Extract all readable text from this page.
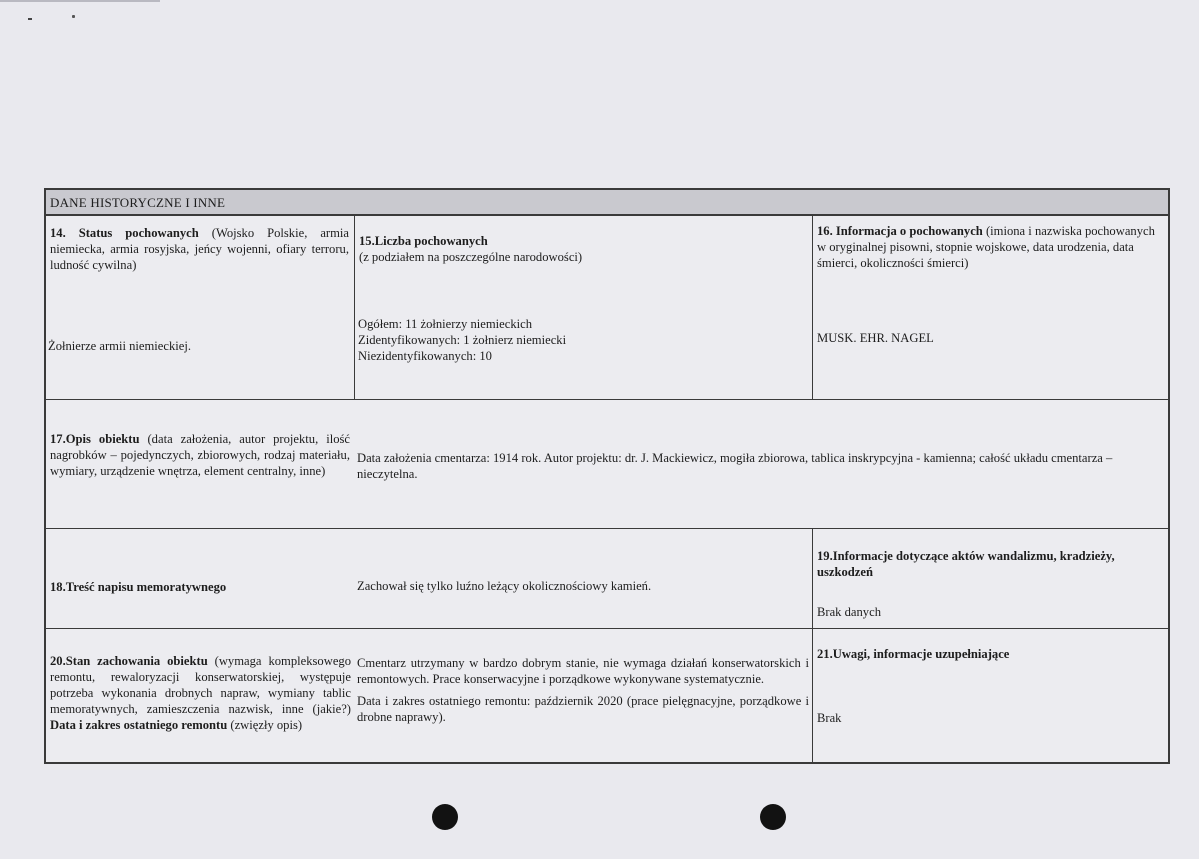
DANE HISTORYCZNE I INNE
14. Status pochowanych (Wojsko Polskie, armia niemiecka, armia rosyjska, jeńcy wojenni, ofiary terroru, ludność cywilna)
Żołnierze armii niemieckiej.
15.Liczba pochowanych
(z podziałem na poszczególne narodowości)
Ogółem: 11 żołnierzy niemieckich
Zidentyfikowanych: 1 żołnierz niemiecki
Niezidentyfikowanych: 10
16. Informacja o pochowanych (imiona i nazwiska pochowanych w oryginalnej pisowni, stopnie wojskowe, data urodzenia, data śmierci, okoliczności śmierci)
MUSK. EHR. NAGEL
17.Opis obiektu (data założenia, autor projektu, ilość nagrobków – pojedynczych, zbiorowych, rodzaj materiału, wymiary, urządzenie wnętrza, element centralny, inne)
Data założenia cmentarza: 1914 rok. Autor projektu: dr. J. Mackiewicz, mogiła zbiorowa, tablica inskrypcyjna - kamienna; całość układu cmentarza – nieczytelna.
18.Treść napisu memoratywnego	Zachował się tylko luźno leżący okolicznościowy kamień.
19.Informacje dotyczące aktów wandalizmu, kradzieży, uszkodzeń
Brak danych
20.Stan zachowania obiektu (wymaga kompleksowego remontu, rewaloryzacji konserwatorskiej, występuje potrzeba wykonania drobnych napraw, wymiany tablic memoratywnych, zamieszczenia nazwisk, inne (jakie?) Data i zakres ostatniego remontu (zwięzły opis)
Cmentarz utrzymany w bardzo dobrym stanie, nie wymaga działań konserwatorskich i remontowych. Prace konserwacyjne i porządkowe wykonywane systematycznie.
Data i zakres ostatniego remontu: październik 2020 (prace pielęgnacyjne, porządkowe i drobne naprawy).
21.Uwagi, informacje uzupełniające
Brak
